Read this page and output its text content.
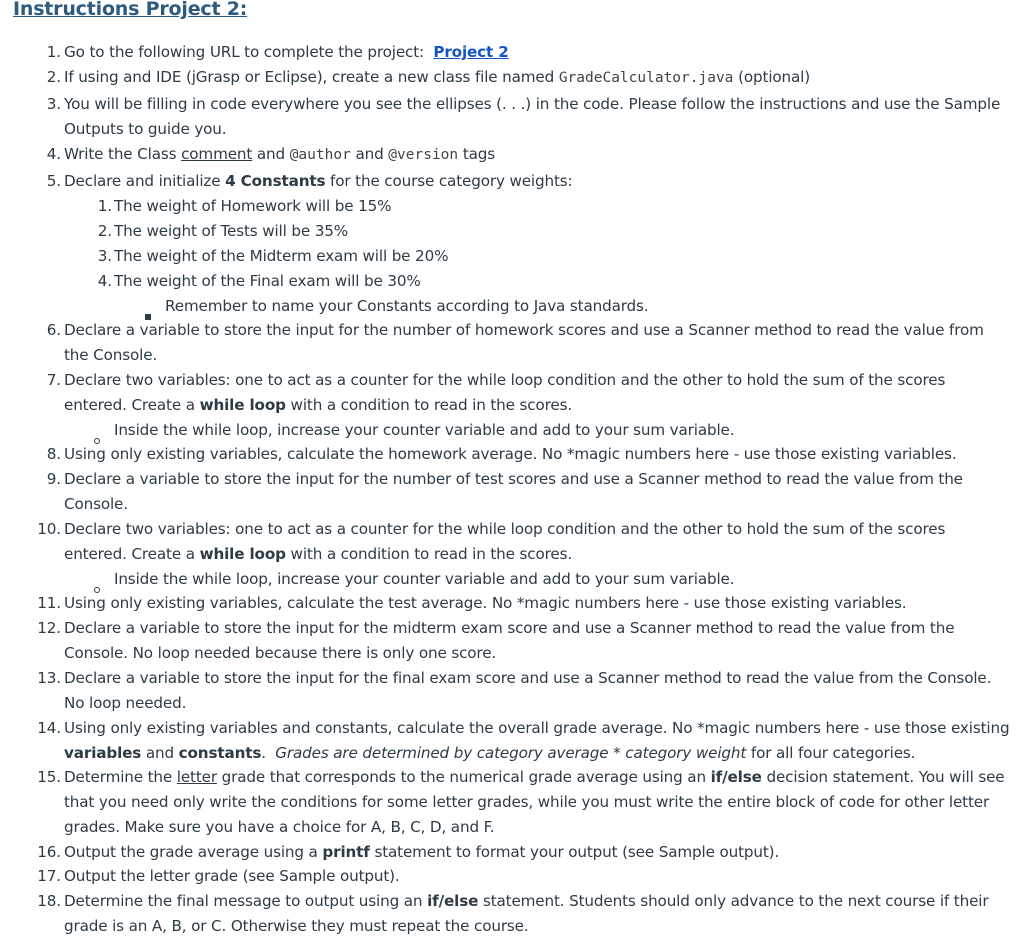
Instructions Project 2:
1. Go to the following URL to complete the project: Project 2
2. If using and IDE (jGrasp or Eclipse), create a new class file named GradeCalculator.java (optional)
3. You will be filling in code everywhere you see the ellipses (. . .) in the code. Please follow the instructions and use the Sample
Outputs to guide you.
4. Write the Class comment and @author and @version tags
5. Declare and initialize 4 Constants for the course category weights:
1. The weight of Homework will be 15%
2. The weight of Tests will be 35%
3. The weight of the Midterm exam will be 20%
4. The weight of the Final exam will be 30%
Remember to name your Constants according to Java standards.
6. Declare a variable to store the input for the number of homework scores and use a Scanner method to read the value from
the Console.
7. Declare two variables: one to act as a counter for the while loop condition and the other to hold the sum of the scores
entered. Create a while loop with a condition to read in the scores.
Inside the while loop, increase your counter variable and add to your sum variable.
8. Using only existing variables, calculate the homework average. No *magic numbers here - use those existing variables.
9. Declare a variable to store the input for the number of test scores and use a Scanner method to read the value from the
Console.
10. Declare two variables: one to act as a counter for the while loop condition and the other to hold the sum of the scores
entered. Create a while loop with a condition to read in the scores.
Inside the while loop, increase your counter variable and add to your sum variable.
11. Using only existing variables, calculate the test average. No *magic numbers here - use those existing variables.
12. Declare a variable to store the input for the midterm exam score and use a Scanner method to read the value from the
Console. No loop needed because there is only one score.
13. Declare a variable to store the input for the final exam score and use a Scanner method to read the value from the Console.
No loop needed.
14. Using only existing variables and constants, calculate the overall grade average. No *magic numbers here - use those existing
variables and constants. Grades are determined by category average * category weight for all four categories.
15. Determine the letter grade that corresponds to the numerical grade average using an if/else decision statement. You will see
that you need only write the conditions for some letter grades, while you must write the entire block of code for other letter
grades. Make sure you have a choice for A, B, C, D, and F.
16. Output the grade average using a printf statement to format your output (see Sample output).
17. Output the letter grade (see Sample output).
18. Determine the final message to output using an if/else statement. Students should only advance to the next course if their
grade is an A, B, or C. Otherwise they must repeat the course.
